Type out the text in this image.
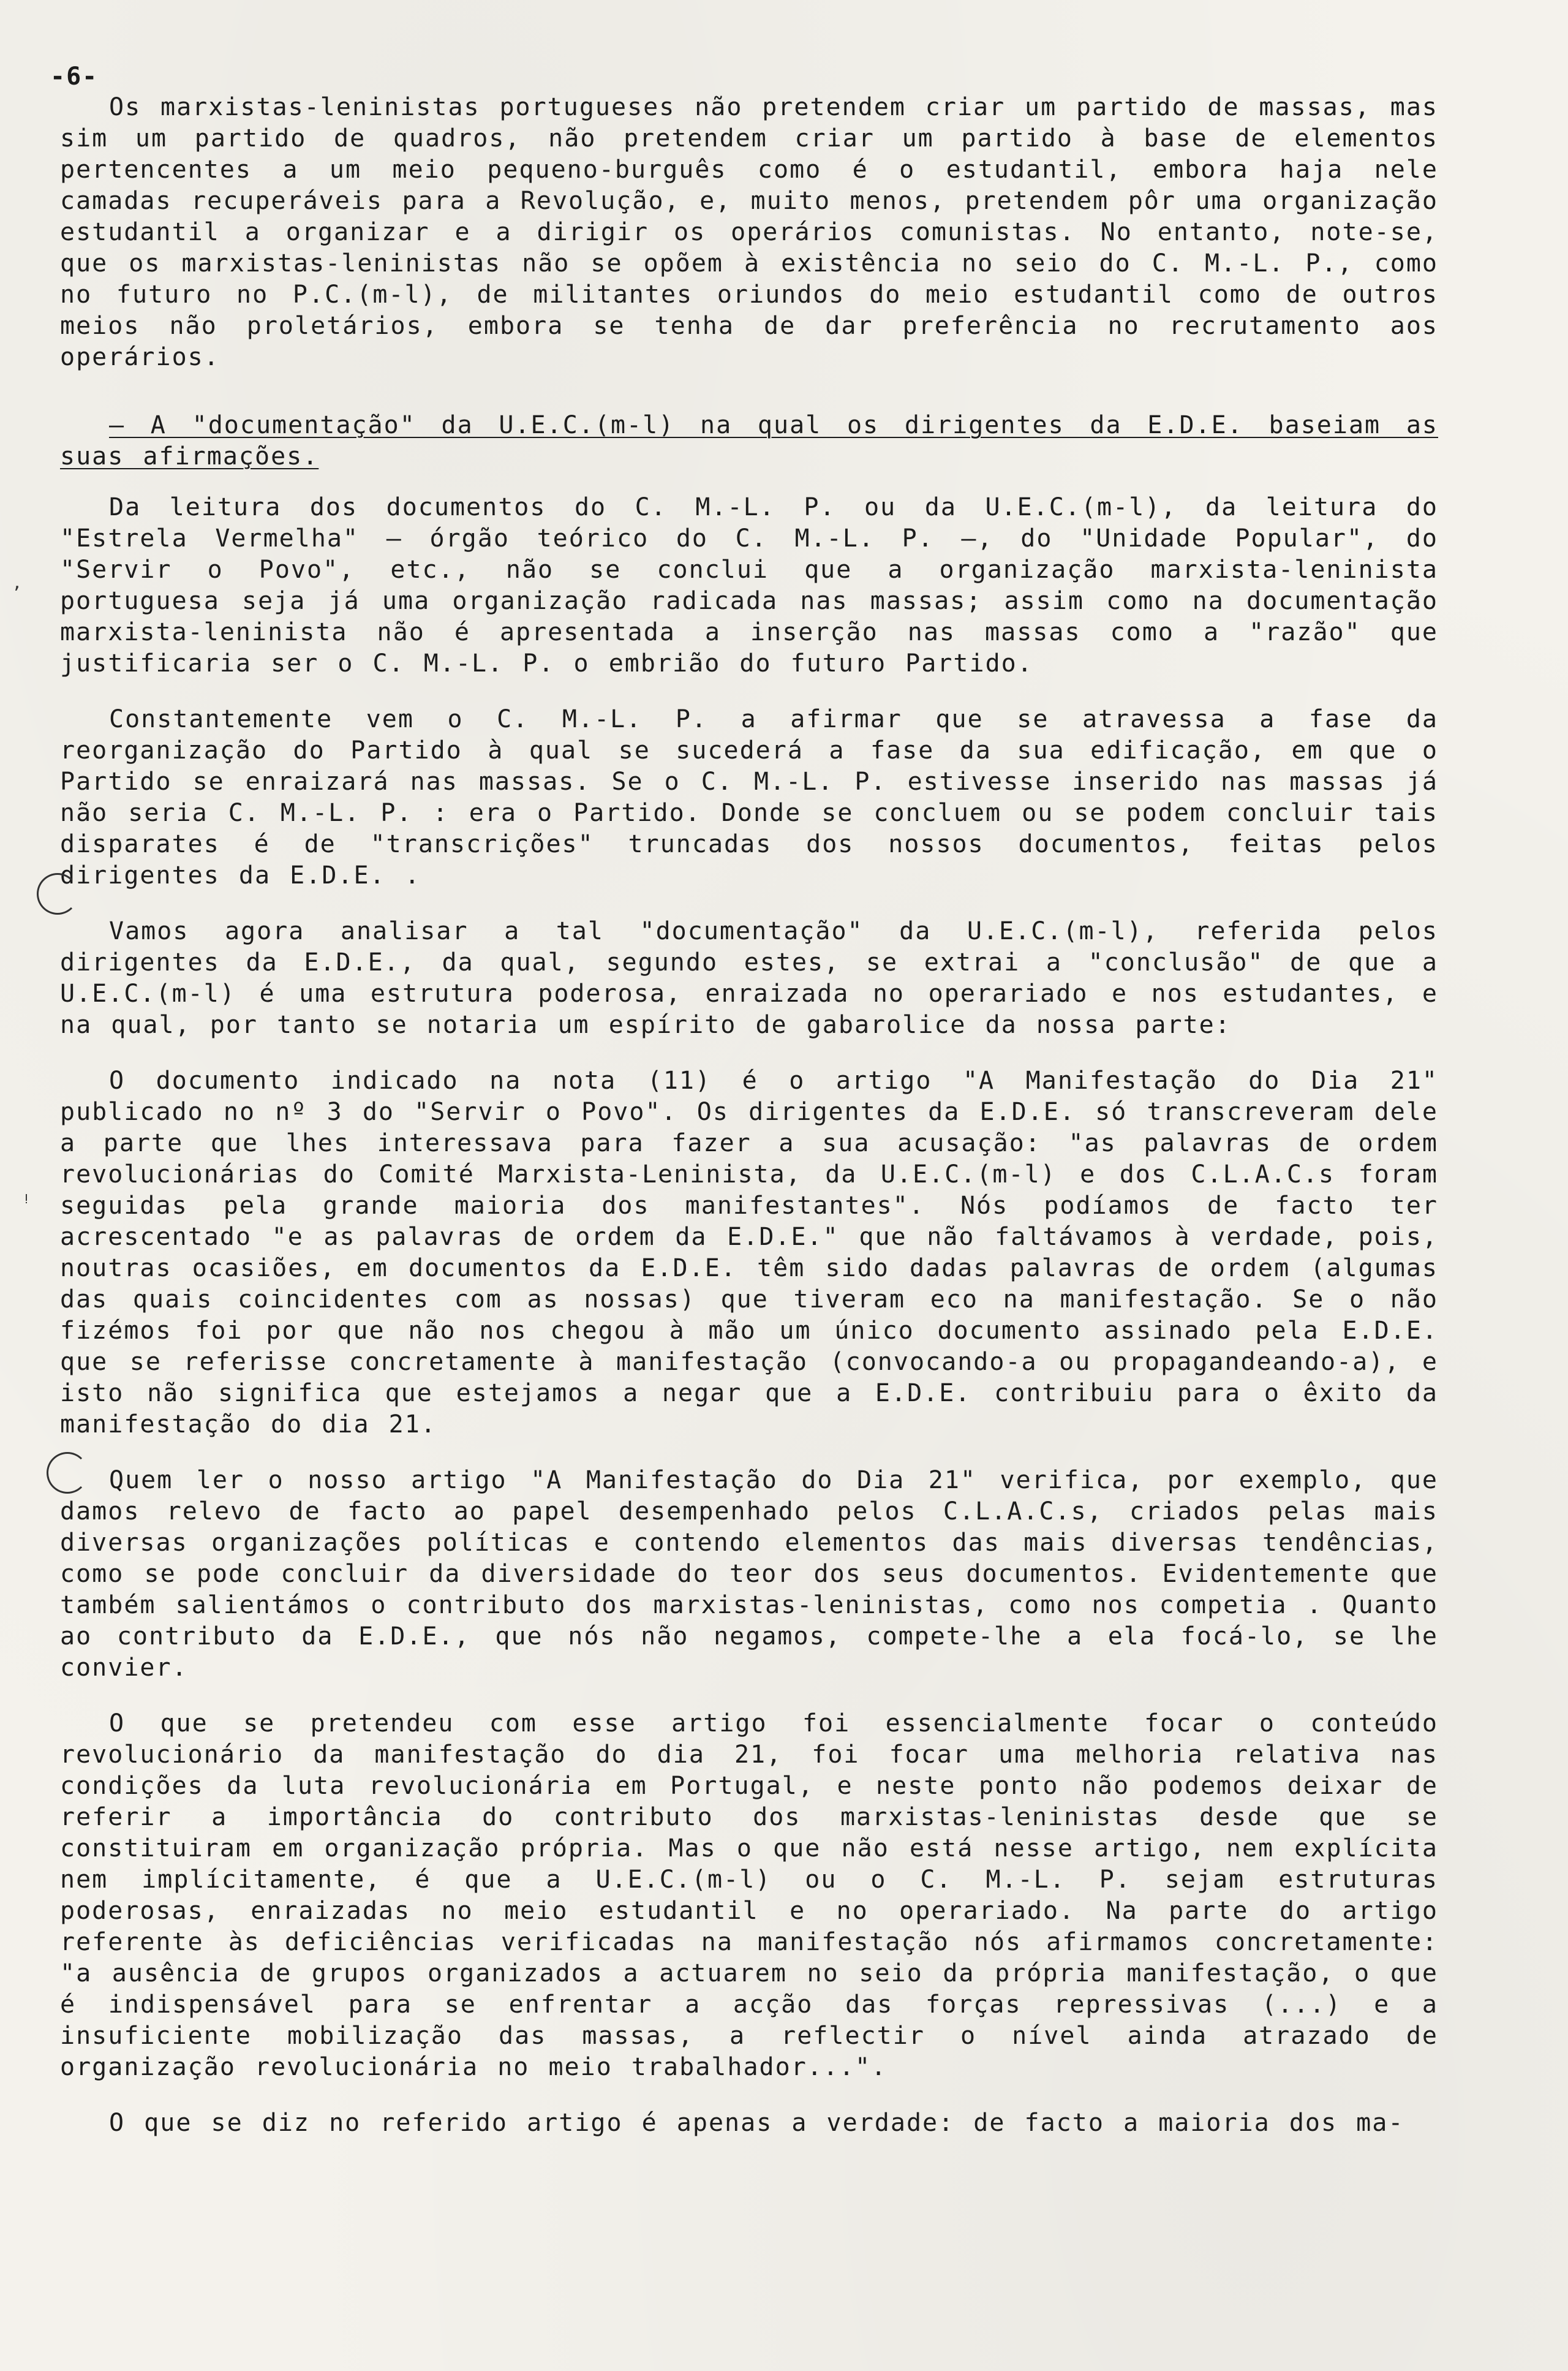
-6-

Os marxistas-leninistas portugueses não pretendem criar um partido de massas, mas sim um partido de quadros, não pretendem criar um partido à base de elementos pertencentes a um meio pequeno-burguês como é o estudantil, embora haja nele camadas recuperáveis para a Revolução, e, muito menos, pretendem pôr uma organização estudantil a organizar e a dirigir os operários comunistas. No entanto, note-se, que os marxistas-leninistas não se opõem à existência no seio do C. M.-L. P., como no futuro no P.C.(m-l), de militantes oriundos do meio estudantil como de outros meios não proletários, embora se tenha de dar preferência no recrutamento aos operários.

– A "documentação" da U.E.C.(m-l) na qual os dirigentes da E.D.E. baseiam as suas afirmações.

Da leitura dos documentos do C. M.-L. P. ou da U.E.C.(m-l), da leitura do "Estrela Vermelha" – órgão teórico do C. M.-L. P. –, do "Unidade Popular", do "Servir o Povo", etc., não se conclui que a organização marxista-leninista portuguesa seja já uma organização radicada nas massas; assim como na documentação marxista-leninista não é apresentada a inserção nas massas como a "razão" que justificaria ser o C. M.-L. P. o embrião do futuro Partido.

Constantemente vem o C. M.-L. P. a afirmar que se atravessa a fase da reorganização do Partido à qual se sucederá a fase da sua edificação, em que o Partido se enraizará nas massas. Se o C. M.-L. P. estivesse inserido nas massas já não seria C. M.-L. P. : era o Partido. Donde se concluem ou se podem concluir tais disparates é de "transcrições" truncadas dos nossos documentos, feitas pelos dirigentes da E.D.E. .

Vamos agora analisar a tal "documentação" da U.E.C.(m-l), referida pelos dirigentes da E.D.E., da qual, segundo estes, se extrai a "conclusão" de que a U.E.C.(m-l) é uma estrutura poderosa, enraizada no operariado e nos estudantes, e na qual, por tanto se notaria um espírito de gabarolice da nossa parte:

O documento indicado na nota (11) é o artigo "A Manifestação do Dia 21" publicado no nº 3 do "Servir o Povo". Os dirigentes da E.D.E. só transcreveram dele a parte que lhes interessava para fazer a sua acusação: "as palavras de ordem revolucionárias do Comité Marxista-Leninista, da U.E.C.(m-l) e dos C.L.A.C.s foram seguidas pela grande maioria dos manifestantes". Nós podíamos de facto ter acrescentado "e as palavras de ordem da E.D.E." que não faltávamos à verdade, pois, noutras ocasiões, em documentos da E.D.E. têm sido dadas palavras de ordem (algumas das quais coincidentes com as nossas) que tiveram eco na manifestação. Se o não fizémos foi por que não nos chegou à mão um único documento assinado pela E.D.E. que se referisse concretamente à manifestação (convocando-a ou propagandeando-a), e isto não significa que estejamos a negar que a E.D.E. contribuiu para o êxito da manifestação do dia 21.

Quem ler o nosso artigo "A Manifestação do Dia 21" verifica, por exemplo, que damos relevo de facto ao papel desempenhado pelos C.L.A.C.s, criados pelas mais diversas organizações políticas e contendo elementos das mais diversas tendências, como se pode concluir da diversidade do teor dos seus documentos. Evidentemente que também salientámos o contributo dos marxistas-leninistas, como nos competia . Quanto ao contributo da E.D.E., que nós não negamos, compete-lhe a ela focá-lo, se lhe convier.

O que se pretendeu com esse artigo foi essencialmente focar o conteúdo revolucionário da manifestação do dia 21, foi focar uma melhoria relativa nas condições da luta revolucionária em Portugal, e neste ponto não podemos deixar de referir a importância do contributo dos marxistas-leninistas desde que se constituiram em organização própria. Mas o que não está nesse artigo, nem explícita nem implícitamente, é que a U.E.C.(m-l) ou o C. M.-L. P. sejam estruturas poderosas, enraizadas no meio estudantil e no operariado. Na parte do artigo referente às deficiências verificadas na manifestação nós afirmamos concretamente: "a ausência de grupos organizados a actuarem no seio da própria manifestação, o que é indispensável para se enfrentar a acção das forças repressivas (...) e a insuficiente mobilização das massas, a reflectir o nível ainda atrazado de organização revolucionária no meio trabalhador...".

O que se diz no referido artigo é apenas a verdade: de facto a maioria dos ma-

ʼ
ᵎ
